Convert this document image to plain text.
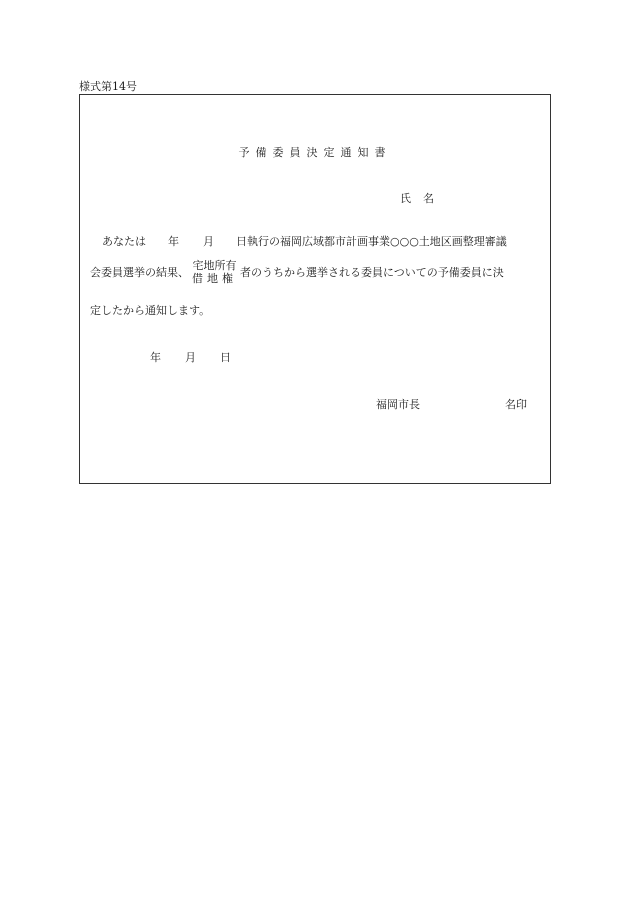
様式第14号
予備委員決定通知書
氏名
あなたは 年 月 日執行の福岡広域都市計画事業○○○土地区画整理審議
会委員選挙の結果、 宅地所有
借地権 者のうちから選挙される委員についての予備委員に決
定したから通知します。
年 月 日
福岡市長	名印
